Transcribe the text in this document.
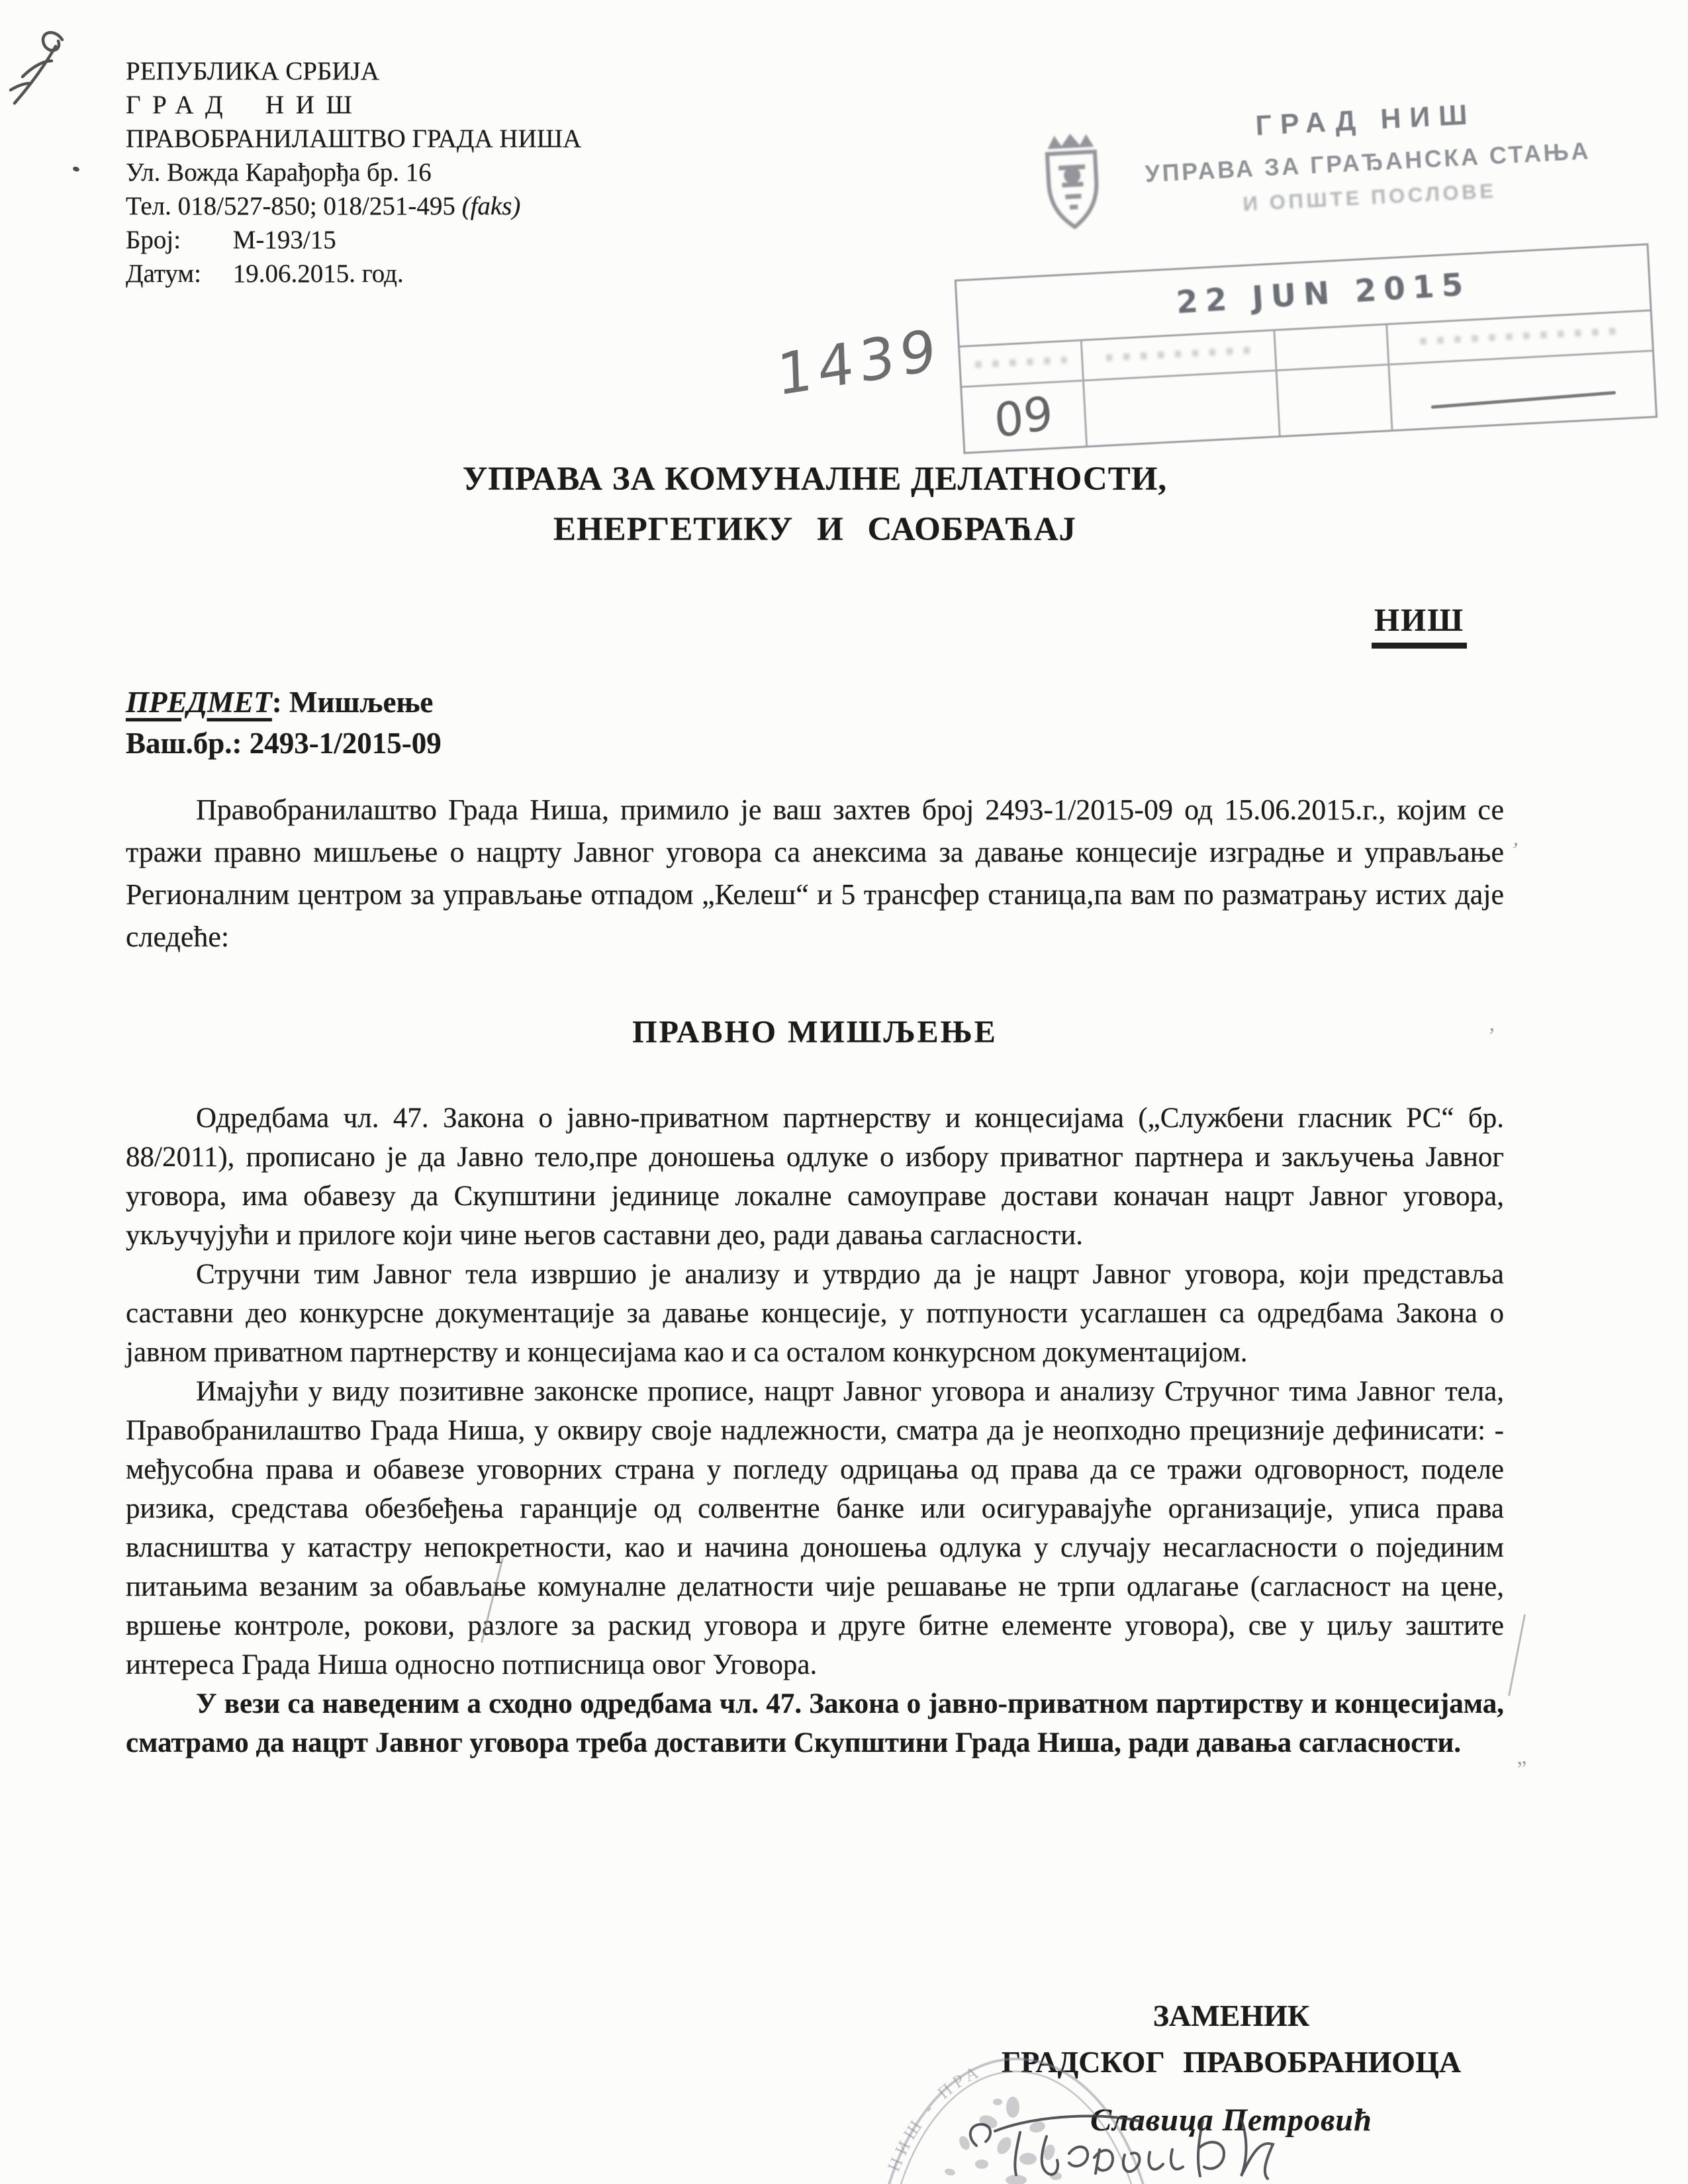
РЕПУБЛИКА СРБИЈА
ГРАД НИШ
ПРАВОБРАНИЛАШТВО ГРАДА НИША
Ул. Вожда Карађорђа бр. 16
Тел. 018/527-850; 018/251-495 (faks)
Број: М-193/15
Датум: 19.06.2015. год.
ГРАД НИШ
УПРАВА ЗА ГРАЂАНСКА СТАЊА
И ОПШТЕ ПОСЛОВЕ
22 JUN 2015
09
1439
УПРАВА ЗА КОМУНАЛНЕ ДЕЛАТНОСТИ,
ЕНЕРГЕТИКУ И САОБРАЋАЈ
НИШ
ПРЕДМЕТ: Мишљење
Ваш.бр.: 2493-1/2015-09

Правобранилаштво Града Ниша, примило је ваш захтев број 2493-1/2015-09 од 15.06.2015.г., којим се тражи правно мишљење о нацрту Јавног уговора са анексима за давање концесије изградње и управљање Регионалним центром за управљање отпадом „Келеш“ и 5 трансфер станица,па вам по разматрању истих даје следеће:

ПРАВНО МИШЉЕЊЕ

Одредбама чл. 47. Закона о јавно-приватном партнерству и концесијама („Службени гласник РС“ бр. 88/2011), прописано је да Јавно тело,пре доношења одлуке о избору приватног партнера и закључења Јавног уговора, има обавезу да Скупштини јединице локалне самоуправе достави коначан нацрт Јавног уговора, укључујући и прилоге који чине његов саставни део, ради давања сагласности.

Стручни тим Јавног тела извршио је анализу и утврдио да је нацрт Јавног уговора, који представља саставни део конкурсне документације за давање концесије, у потпуности усаглашен са одредбама Закона о јавном приватном партнерству и концесијама као и са осталом конкурсном документацијом.

Имајући у виду позитивне законске прописе, нацрт Јавног уговора и анализу Стручног тима Јавног тела, Правобранилаштво Града Ниша, у оквиру своје надлежности, сматра да је неопходно прецизније дефинисати: - међусобна права и обавезе уговорних страна у погледу одрицања од права да се тражи одговорност, поделе ризика, средстава обезбеђења гаранције од солвентне банке или осигуравајуће организације, уписа права власништва у катастру непокретности, као и начина доношења одлука у случају несагласности о појединим питањима везаним за обављање комуналне делатности чије решавање не трпи одлагање (сагласност на цене, вршење контроле, рокови, разлоге за раскид уговора и друге битне елементе уговора), све у циљу заштите интереса Града Ниша односно потписница овог Уговора.

У вези са наведеним а сходно одредбама чл. 47. Закона о јавно-приватном партирству и концесијама, сматрамо да нацрт Јавног уговора треба доставити Скупштини Града Ниша, ради давања сагласности.

‚
‚
„
ЗАМЕНИК
ГРАДСКОГ ПРАВОБРАНИОЦА
Славица Петровић
НИШ - ПРА
